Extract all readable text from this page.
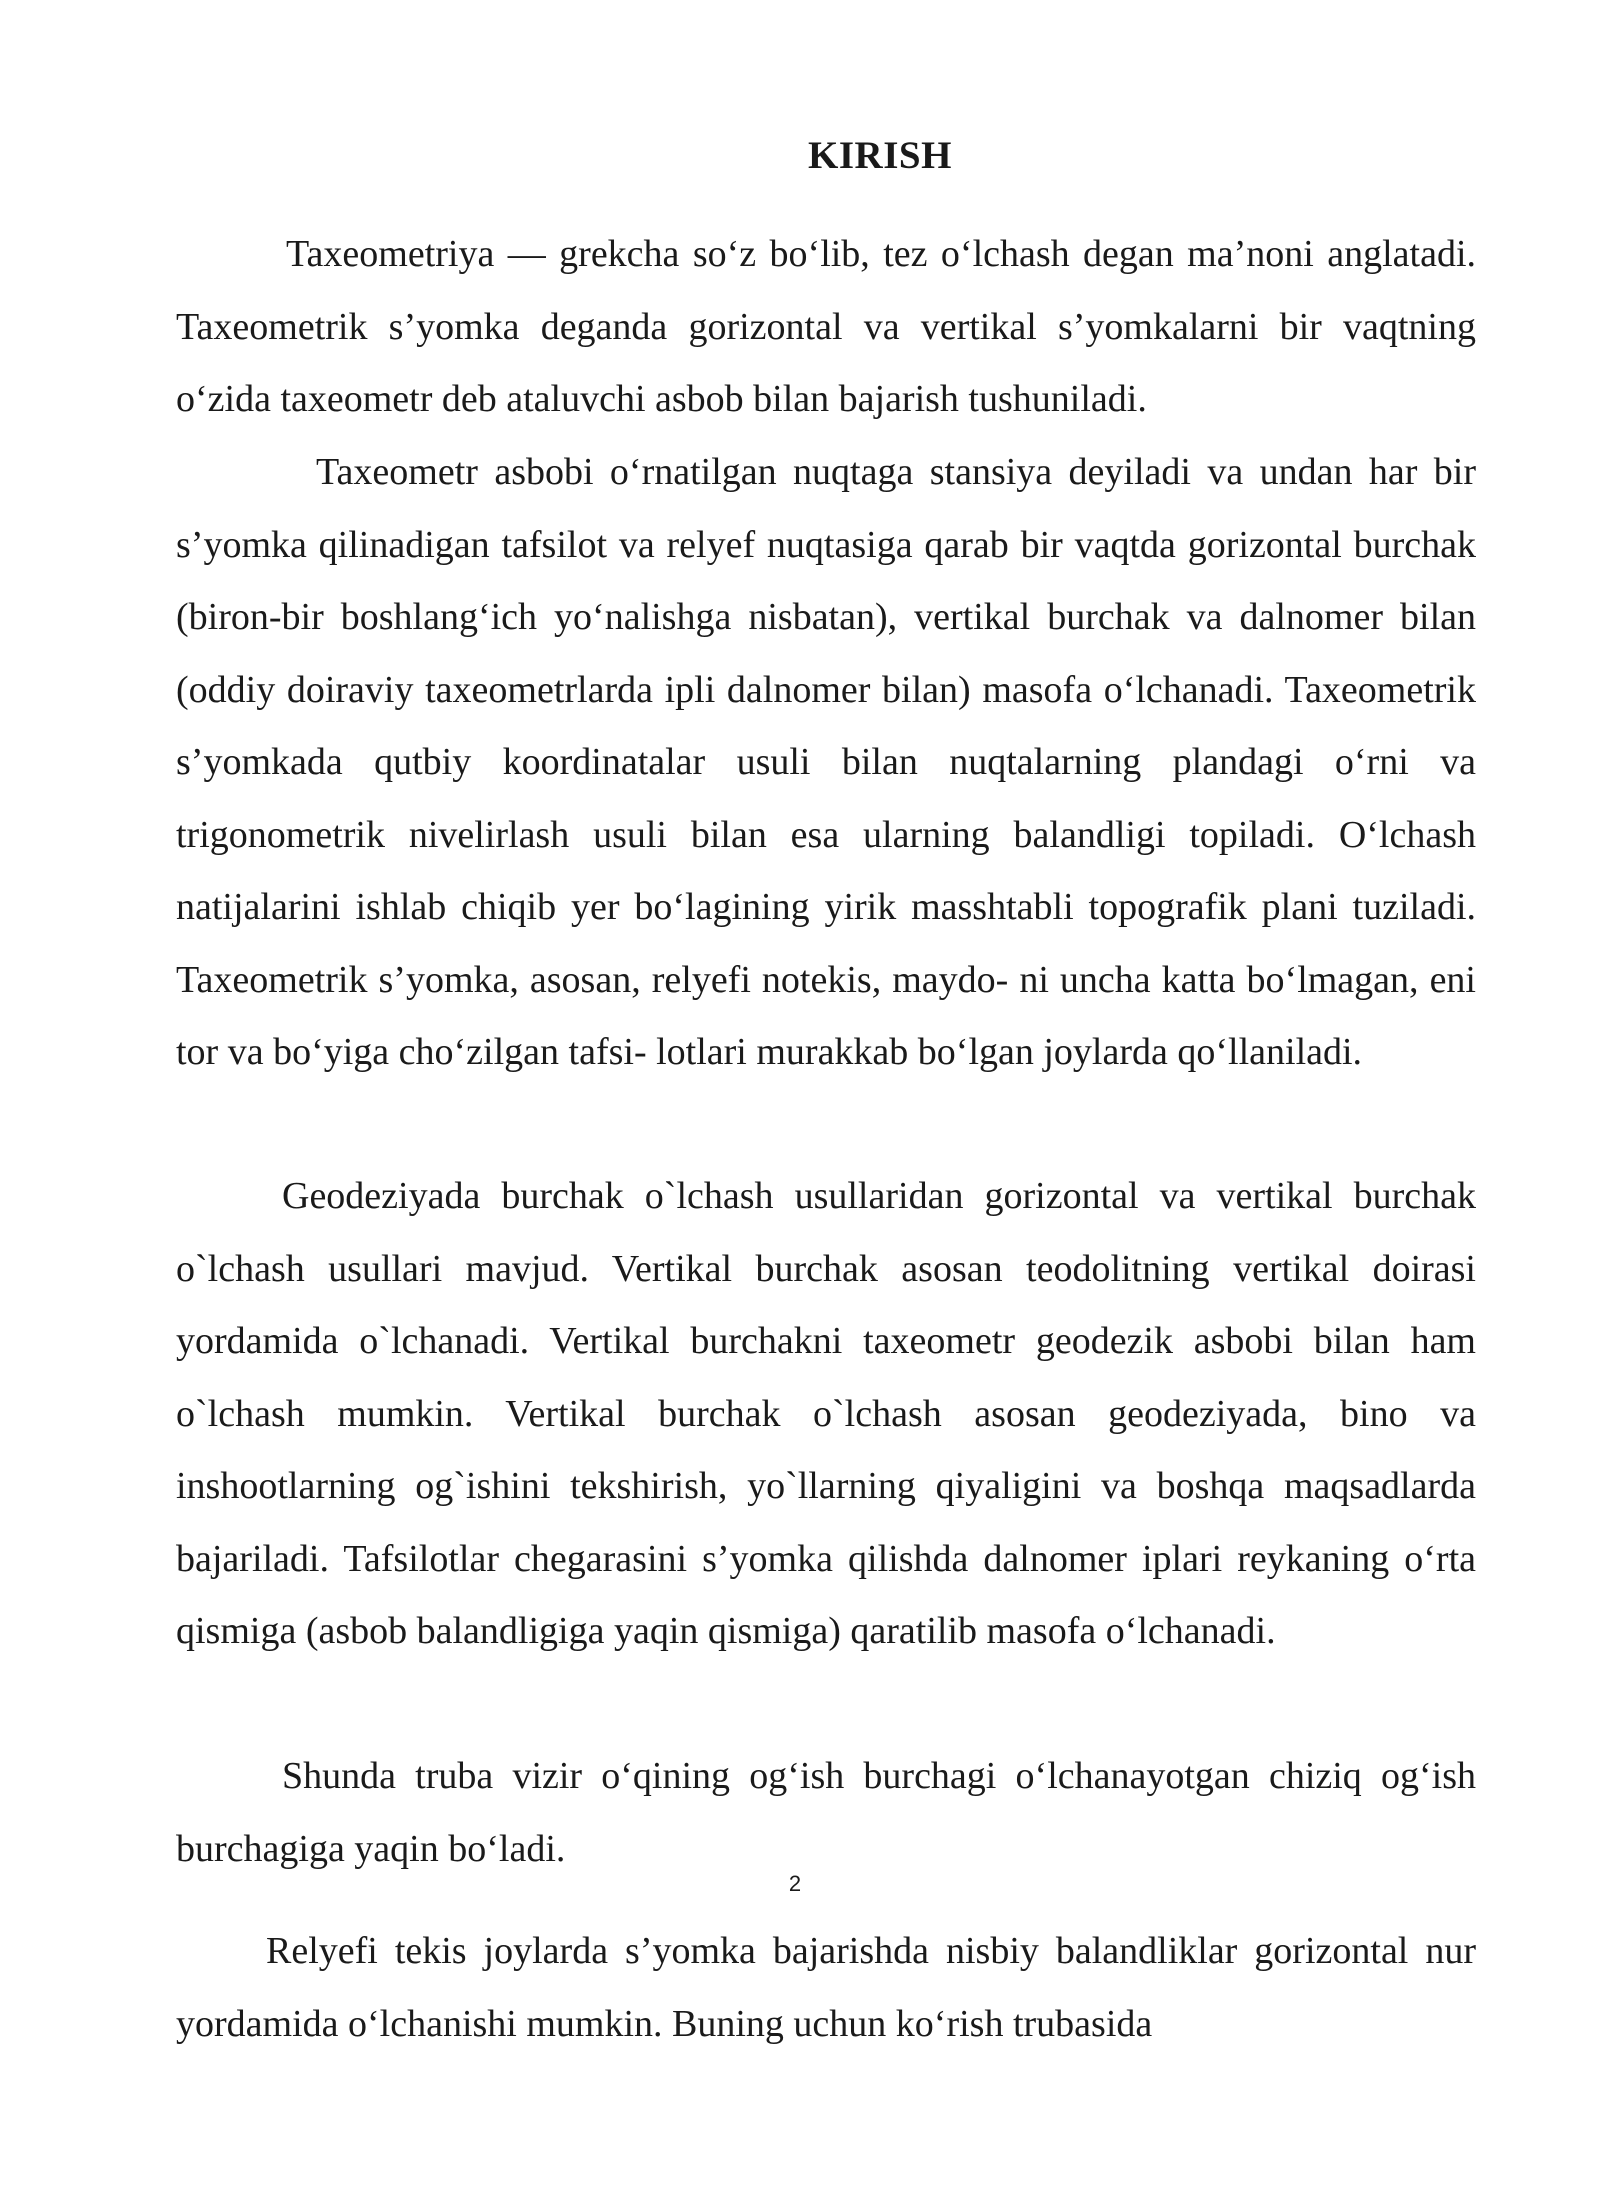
KIRISH

Taxeometriya — grekcha so‘z bo‘lib, tez o‘lchash degan ma’noni anglatadi. Taxeometrik s’yomka deganda gorizontal va vertikal s’yomkalarni bir vaqtning o‘zida taxeometr deb ataluvchi asbob bilan bajarish tushuniladi.

Taxeometr asbobi o‘rnatilgan nuqtaga stansiya deyiladi va undan har bir s’yomka qilinadigan tafsilot va relyef nuqtasiga qarab bir vaqtda gorizontal burchak (biron-bir boshlang‘ich yo‘nalishga nisbatan), vertikal burchak va dalnomer bilan (oddiy doiraviy taxeometrlarda ipli dalnomer bilan) masofa o‘lchanadi. Taxeometrik s’yomkada qutbiy koordinatalar usuli bilan nuqtalarning plandagi o‘rni va trigonometrik nivelirlash usuli bilan esa ularning balandligi topiladi. O‘lchash natijalarini ishlab chiqib yer bo‘lagining yirik masshtabli topografik plani tuziladi. Taxeometrik s’yomka, asosan, relyefi notekis, maydo- ni uncha katta bo‘lmagan, eni tor va bo‘yiga cho‘zilgan tafsi- lotlari murakkab bo‘lgan joylarda qo‘llaniladi.

Geodeziyada burchak o`lchash usullaridan gorizontal va vertikal burchak o`lchash usullari mavjud. Vertikal burchak asosan teodolitning vertikal doirasi yordamida o`lchanadi. Vertikal burchakni taxeometr geodezik asbobi bilan ham o`lchash mumkin. Vertikal burchak o`lchash asosan geodeziyada, bino va inshootlarning og`ishini tekshirish, yo`llarning qiyaligini va boshqa maqsadlarda bajariladi. Tafsilotlar chegarasini s’yomka qilishda dalnomer iplari reykaning o‘rta qismiga (asbob balandligiga yaqin qismiga) qaratilib masofa o‘lchanadi.

Shunda truba vizir o‘qining og‘ish burchagi o‘lchanayotgan chiziq og‘ish burchagiga yaqin bo‘ladi.

2

Relyefi tekis joylarda s’yomka bajarishda nisbiy balandliklar gorizontal nur yordamida o‘lchanishi mumkin. Buning uchun ko‘rish trubasida
